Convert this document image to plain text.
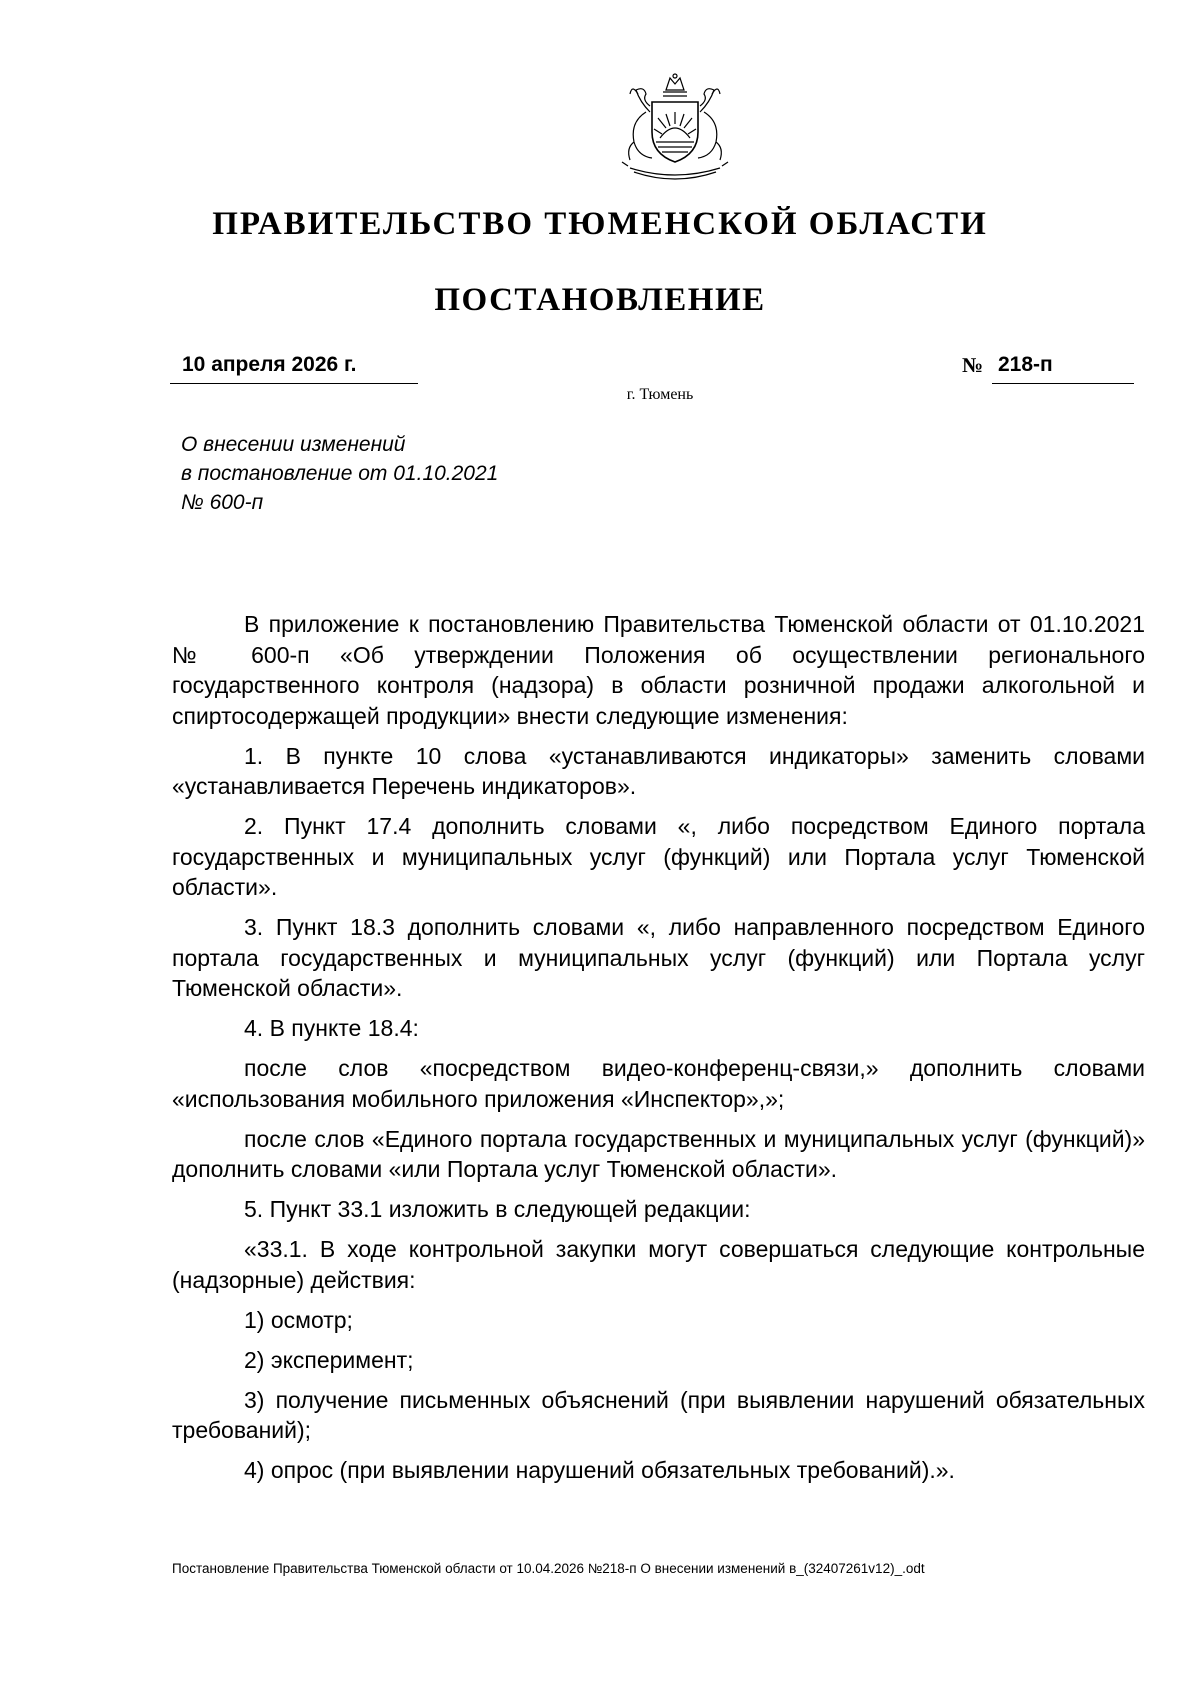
ПРАВИТЕЛЬСТВО ТЮМЕНСКОЙ ОБЛАСТИ
ПОСТАНОВЛЕНИЕ
10 апреля 2026 г.	№ 218-п
г. Тюмень
О внесении изменений
в постановление от 01.10.2021
№ 600-п

В приложение к постановлению Правительства Тюменской области от 01.10.2021 № 600-п «Об утверждении Положения об осуществлении регионального государственного контроля (надзора) в области розничной продажи алкогольной и спиртосодержащей продукции» внести следующие изменения:

1. В пункте 10 слова «устанавливаются индикаторы» заменить словами «устанавливается Перечень индикаторов».

2. Пункт 17.4 дополнить словами «, либо посредством Единого портала государственных и муниципальных услуг (функций) или Портала услуг Тюменской области».

3. Пункт 18.3 дополнить словами «, либо направленного посредством Единого портала государственных и муниципальных услуг (функций) или Портала услуг Тюменской области».

4. В пункте 18.4:

после слов «посредством видео-конференц-связи,» дополнить словами «использования мобильного приложения «Инспектор»,»;

после слов «Единого портала государственных и муниципальных услуг (функций)» дополнить словами «или Портала услуг Тюменской области».

5. Пункт 33.1 изложить в следующей редакции:

«33.1. В ходе контрольной закупки могут совершаться следующие контрольные (надзорные) действия:

1) осмотр;

2) эксперимент;

3) получение письменных объяснений (при выявлении нарушений обязательных требований);

4) опрос (при выявлении нарушений обязательных требований).».

Постановление Правительства Тюменской области от 10.04.2026 №218-п О внесении изменений в_(32407261v12)_.odt
